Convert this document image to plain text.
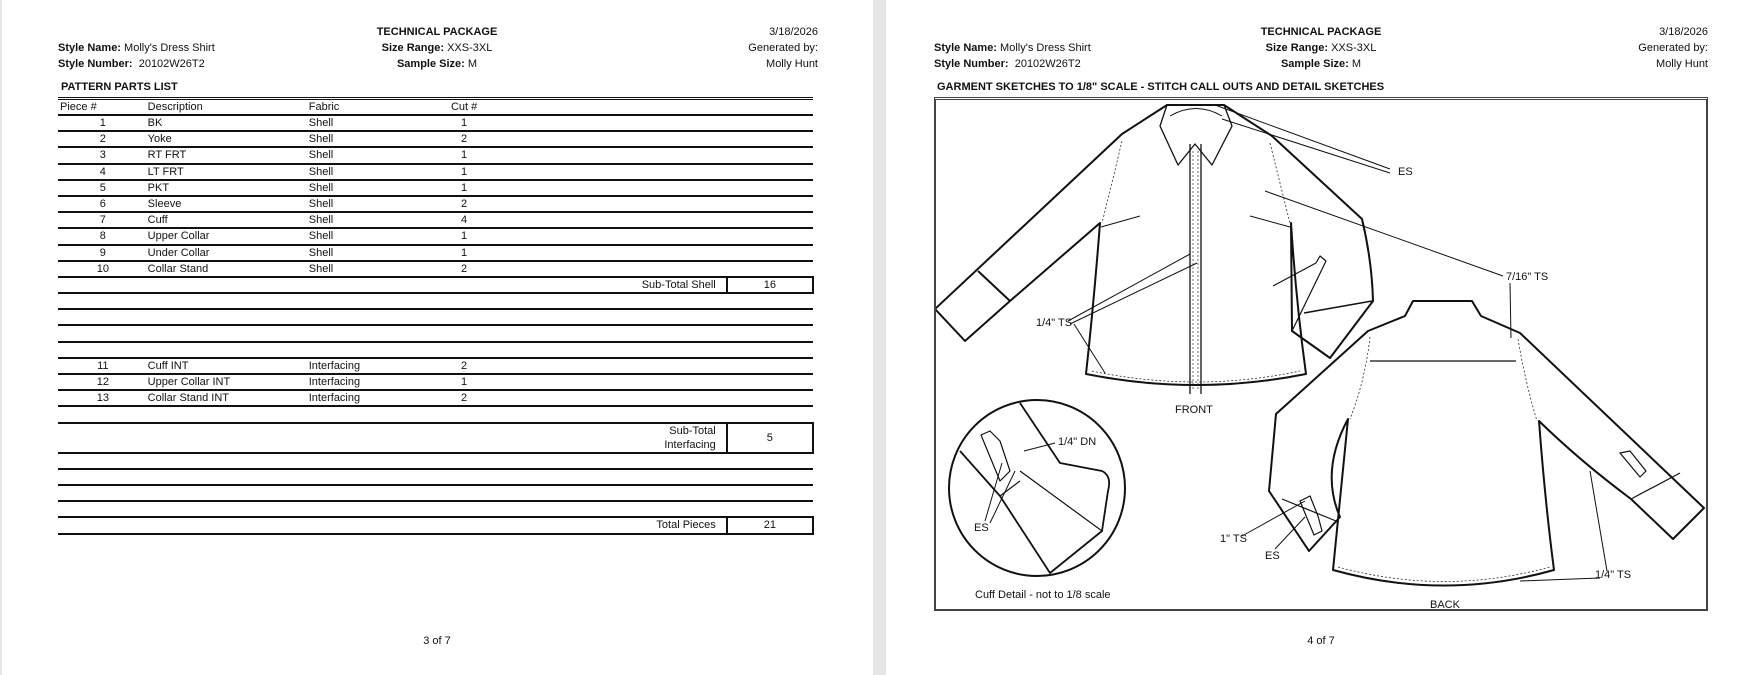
TECHNICAL PACKAGE
Style Name: Molly's Dress Shirt
Style Number: 20102W26T2
Size Range: XXS-3XL
Sample Size: M
3/18/2026
Generated by:
Molly Hunt
PATTERN PARTS LIST
Piece #	Description	Fabric	Cut #			
1	BK	Shell	1			
2	Yoke	Shell	2			
3	RT FRT	Shell	1			
4	LT FRT	Shell	1			
5	PKT	Shell	1			
6	Sleeve	Shell	2			
7	Cuff	Shell	4			
8	Upper Collar	Shell	1			
9	Under Collar	Shell	1			
10	Collar Stand	Shell	2			
					Sub-Total Shell	16

11	Cuff INT	Interfacing	2			
12	Upper Collar INT	Interfacing	1			
13	Collar Stand INT	Interfacing	2			

					Sub-Total Interfacing	5

					Total Pieces	21
3 of 7
TECHNICAL PACKAGE
Style Name: Molly's Dress Shirt
Style Number: 20102W26T2
Size Range: XXS-3XL
Sample Size: M
3/18/2026
Generated by:
Molly Hunt
GARMENT SKETCHES TO 1/8" SCALE - STITCH CALL OUTS AND DETAIL SKETCHES
ES
7/16" TS
1/4" TS
FRONT
1/4" DN
ES
1" TS
ES
1/4" TS
BACK
Cuff Detail - not to 1/8 scale
4 of 7
